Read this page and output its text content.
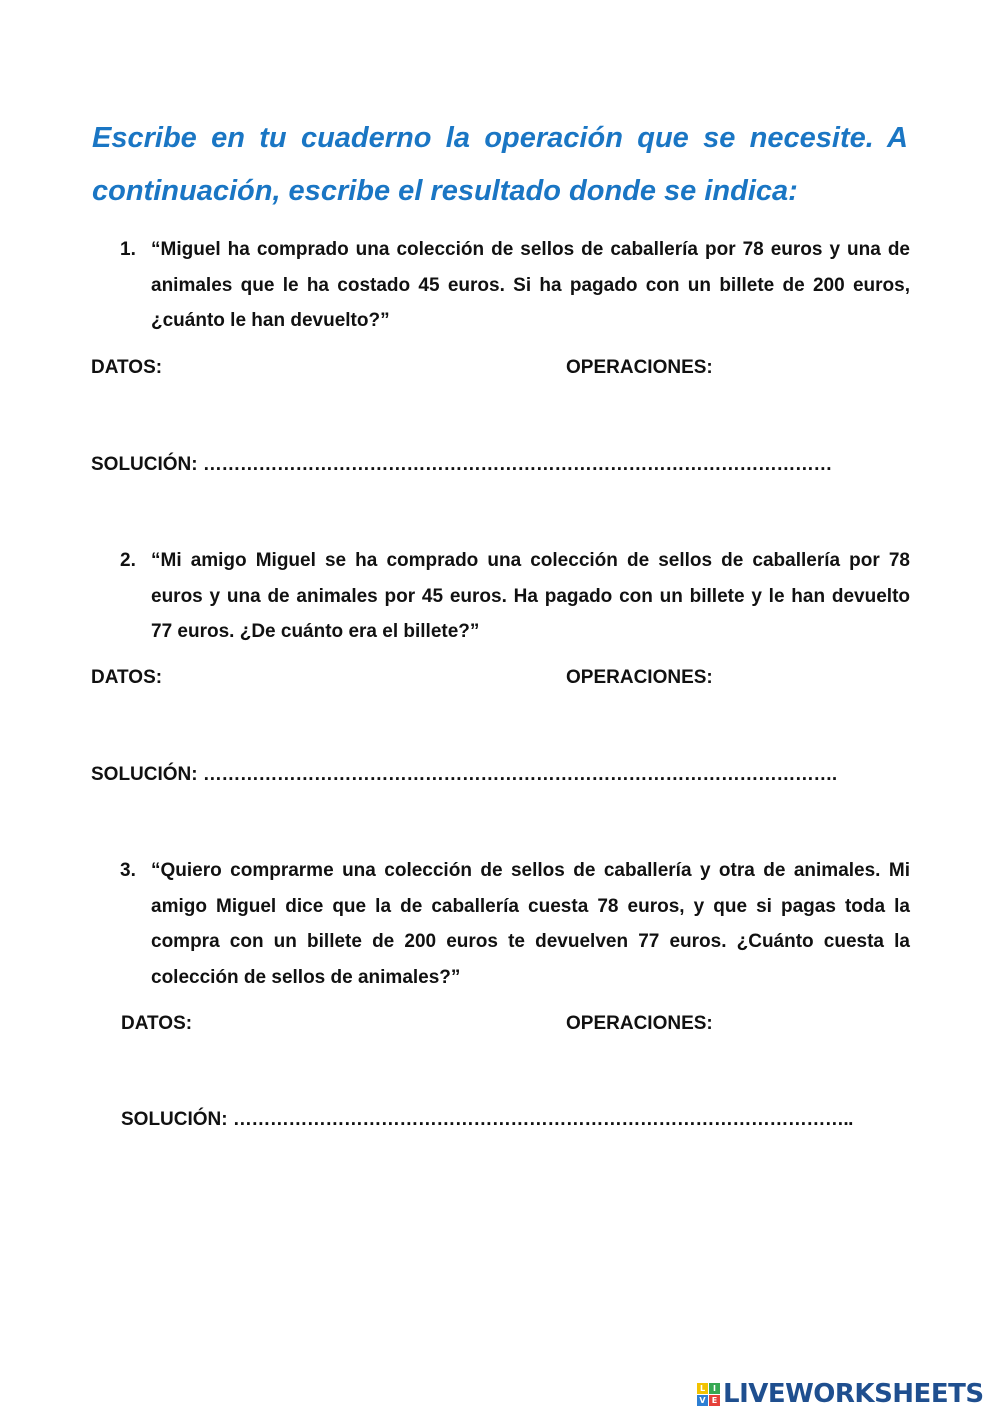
Escribe en tu cuaderno la operación que se necesite. A continuación, escribe el resultado donde se indica:
1. “Miguel ha comprado una colección de sellos de caballería por 78 euros y una de animales que le ha costado 45 euros. Si ha pagado con un billete de 200 euros, ¿cuánto le han devuelto?”
DATOS:	OPERACIONES:
SOLUCIÓN: …………………………………………………………………………………………
2. “Mi amigo Miguel se ha comprado una colección de sellos de caballería por 78 euros y una de animales por 45 euros. Ha pagado con un billete y le han devuelto 77 euros. ¿De cuánto era el billete?”
DATOS:	OPERACIONES:
SOLUCIÓN: ………………………………………………………………………………………….
3. “Quiero comprarme una colección de sellos de caballería y otra de animales. Mi amigo Miguel dice que la de caballería cuesta 78 euros, y que si pagas toda la compra con un billete de 200 euros te devuelven 77 euros. ¿Cuánto cuesta la colección de sellos de animales?”
DATOS:	OPERACIONES:
SOLUCIÓN: ………………………………………………………………………………………..
L I
V E LIVEWORKSHEETS
